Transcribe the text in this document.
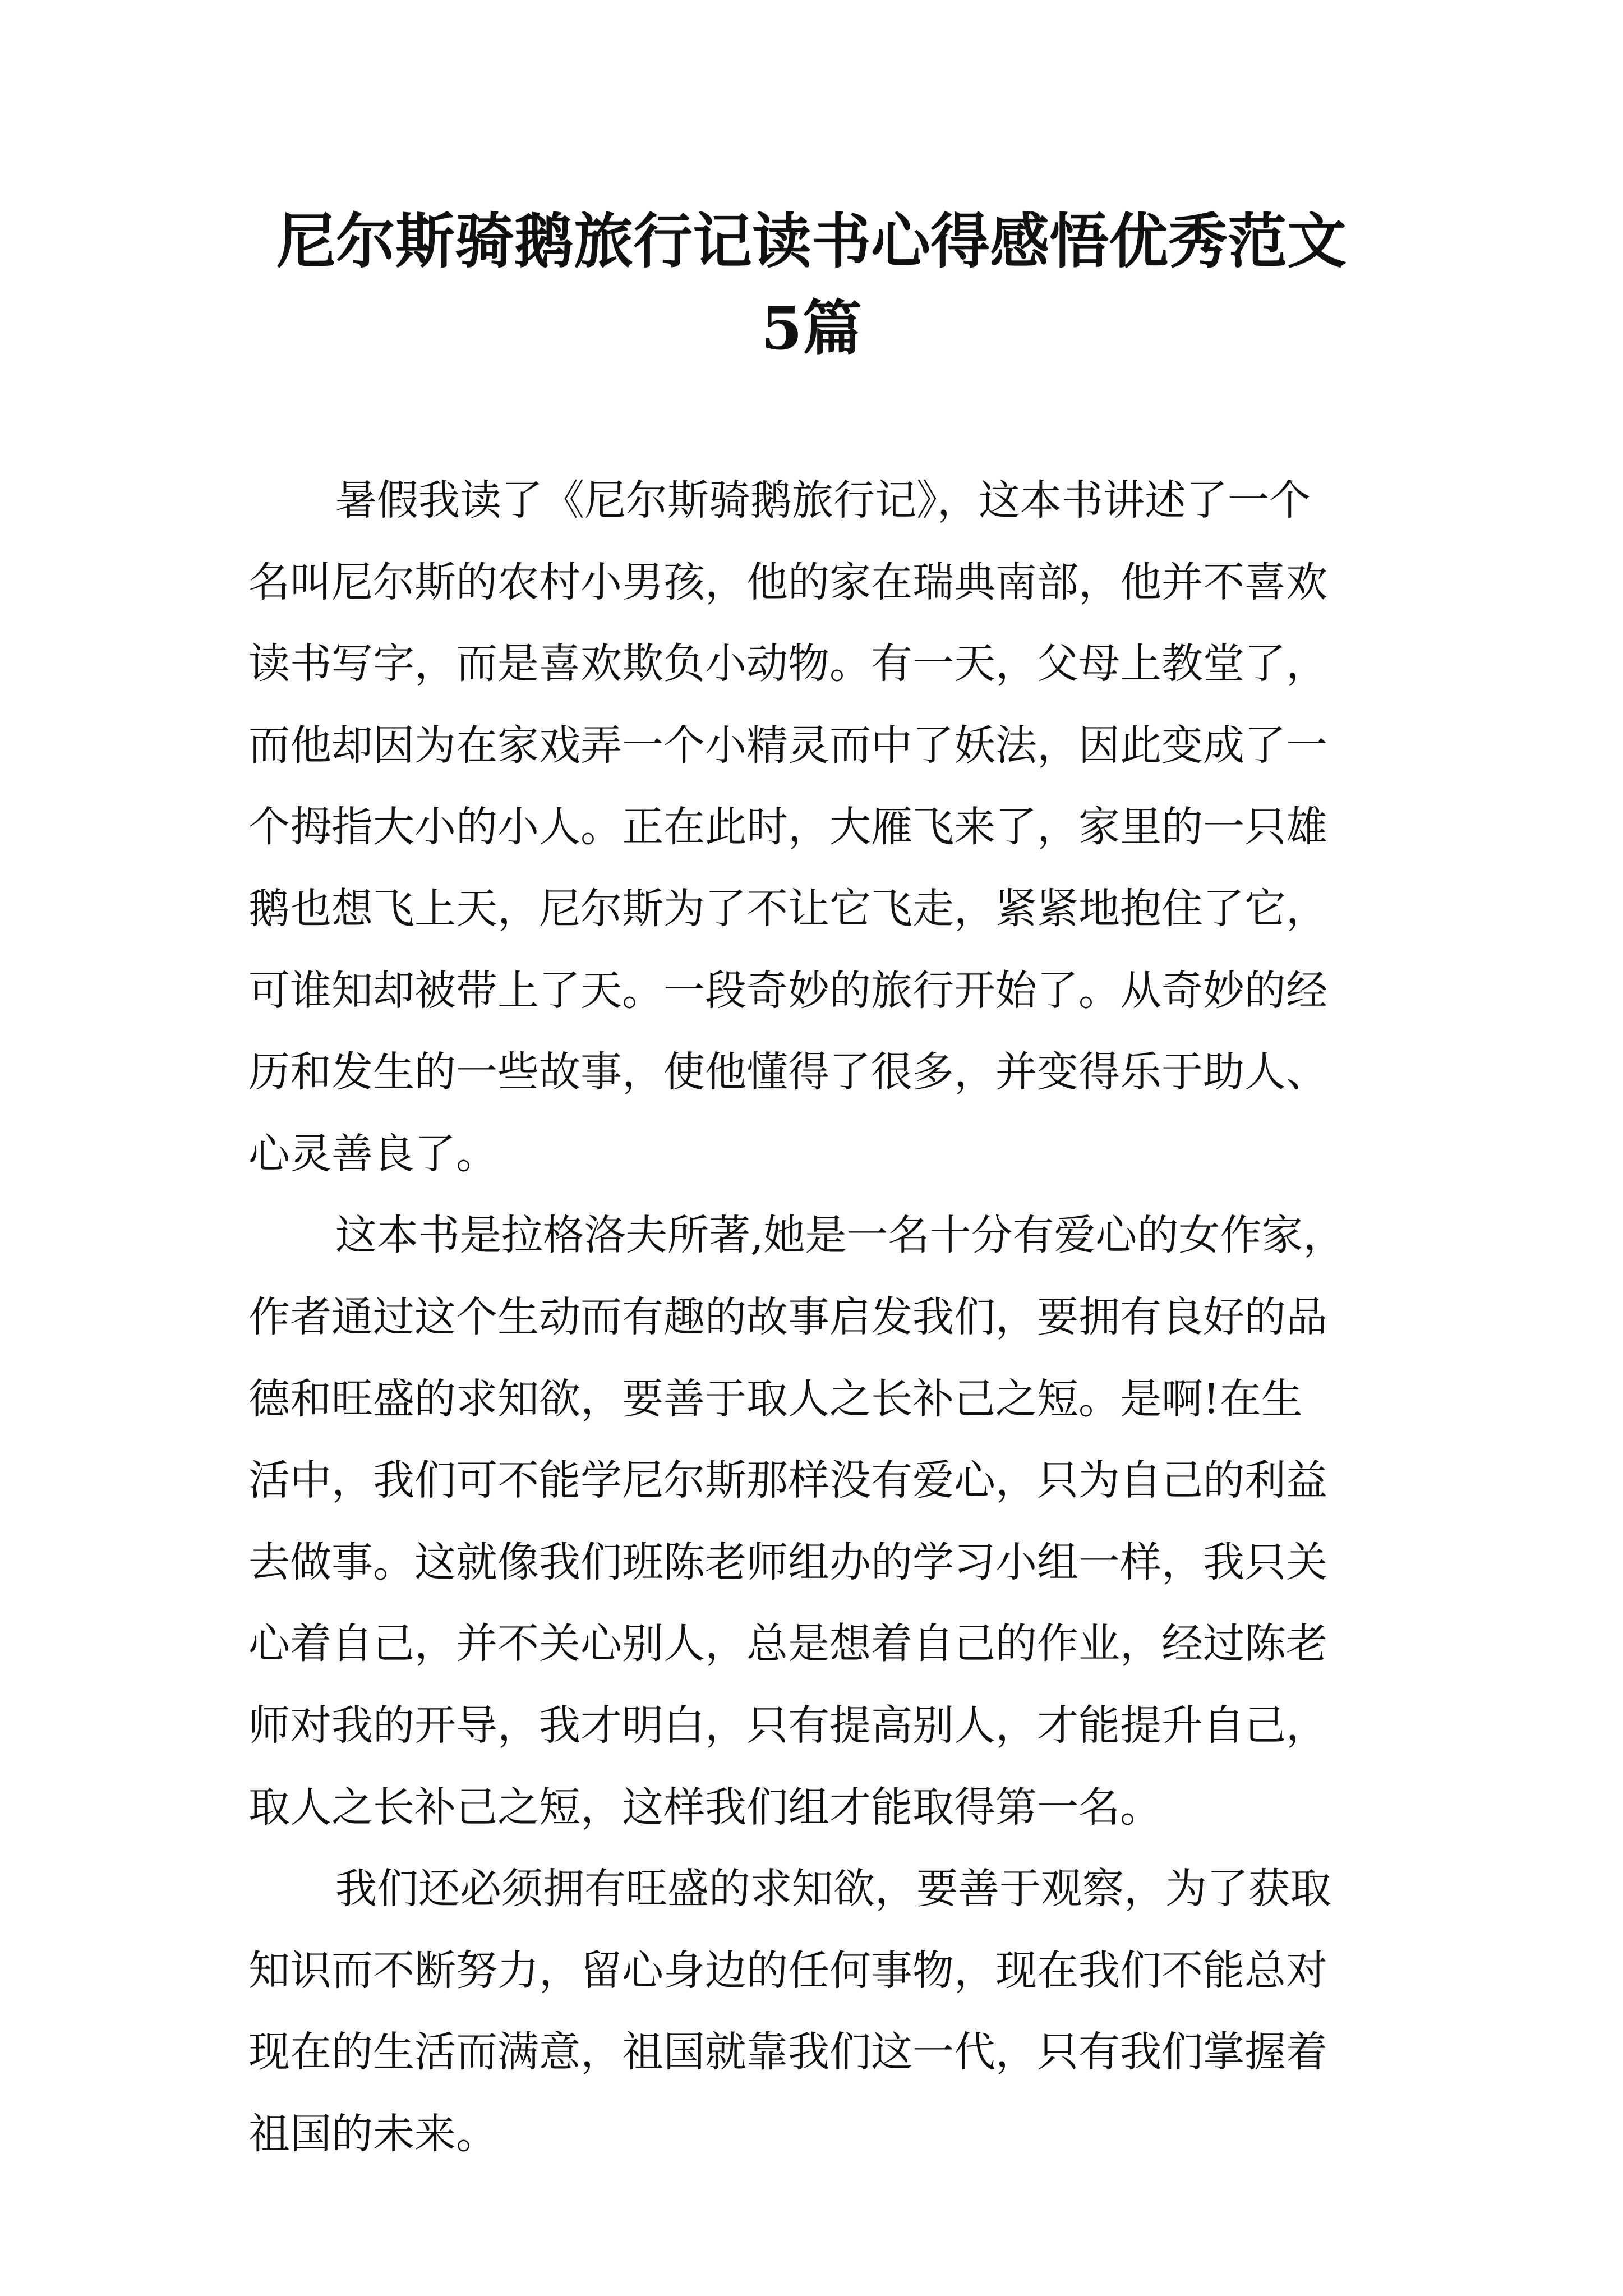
尼尔斯骑鹅旅行记读书心得感悟优秀范文
5篇

暑假我读了《尼尔斯骑鹅旅行记》，这本书讲述了一个
名叫尼尔斯的农村小男孩，他的家在瑞典南部，他并不喜欢
读书写字，而是喜欢欺负小动物。有一天，父母上教堂了，
而他却因为在家戏弄一个小精灵而中了妖法，因此变成了一
个拇指大小的小人。正在此时，大雁飞来了，家里的一只雄
鹅也想飞上天，尼尔斯为了不让它飞走，紧紧地抱住了它，
可谁知却被带上了天。一段奇妙的旅行开始了。从奇妙的经
历和发生的一些故事，使他懂得了很多，并变得乐于助人、
心灵善良了。

这本书是拉格洛夫所著,她是一名十分有爱心的女作家，
作者通过这个生动而有趣的故事启发我们，要拥有良好的品
德和旺盛的求知欲，要善于取人之长补己之短。是啊!在生
活中，我们可不能学尼尔斯那样没有爱心，只为自己的利益
去做事。这就像我们班陈老师组办的学习小组一样，我只关
心着自己，并不关心别人，总是想着自己的作业，经过陈老
师对我的开导，我才明白，只有提高别人，才能提升自己，
取人之长补己之短，这样我们组才能取得第一名。

我们还必须拥有旺盛的求知欲，要善于观察，为了获取
知识而不断努力，留心身边的任何事物，现在我们不能总对
现在的生活而满意，祖国就靠我们这一代，只有我们掌握着
祖国的未来。
